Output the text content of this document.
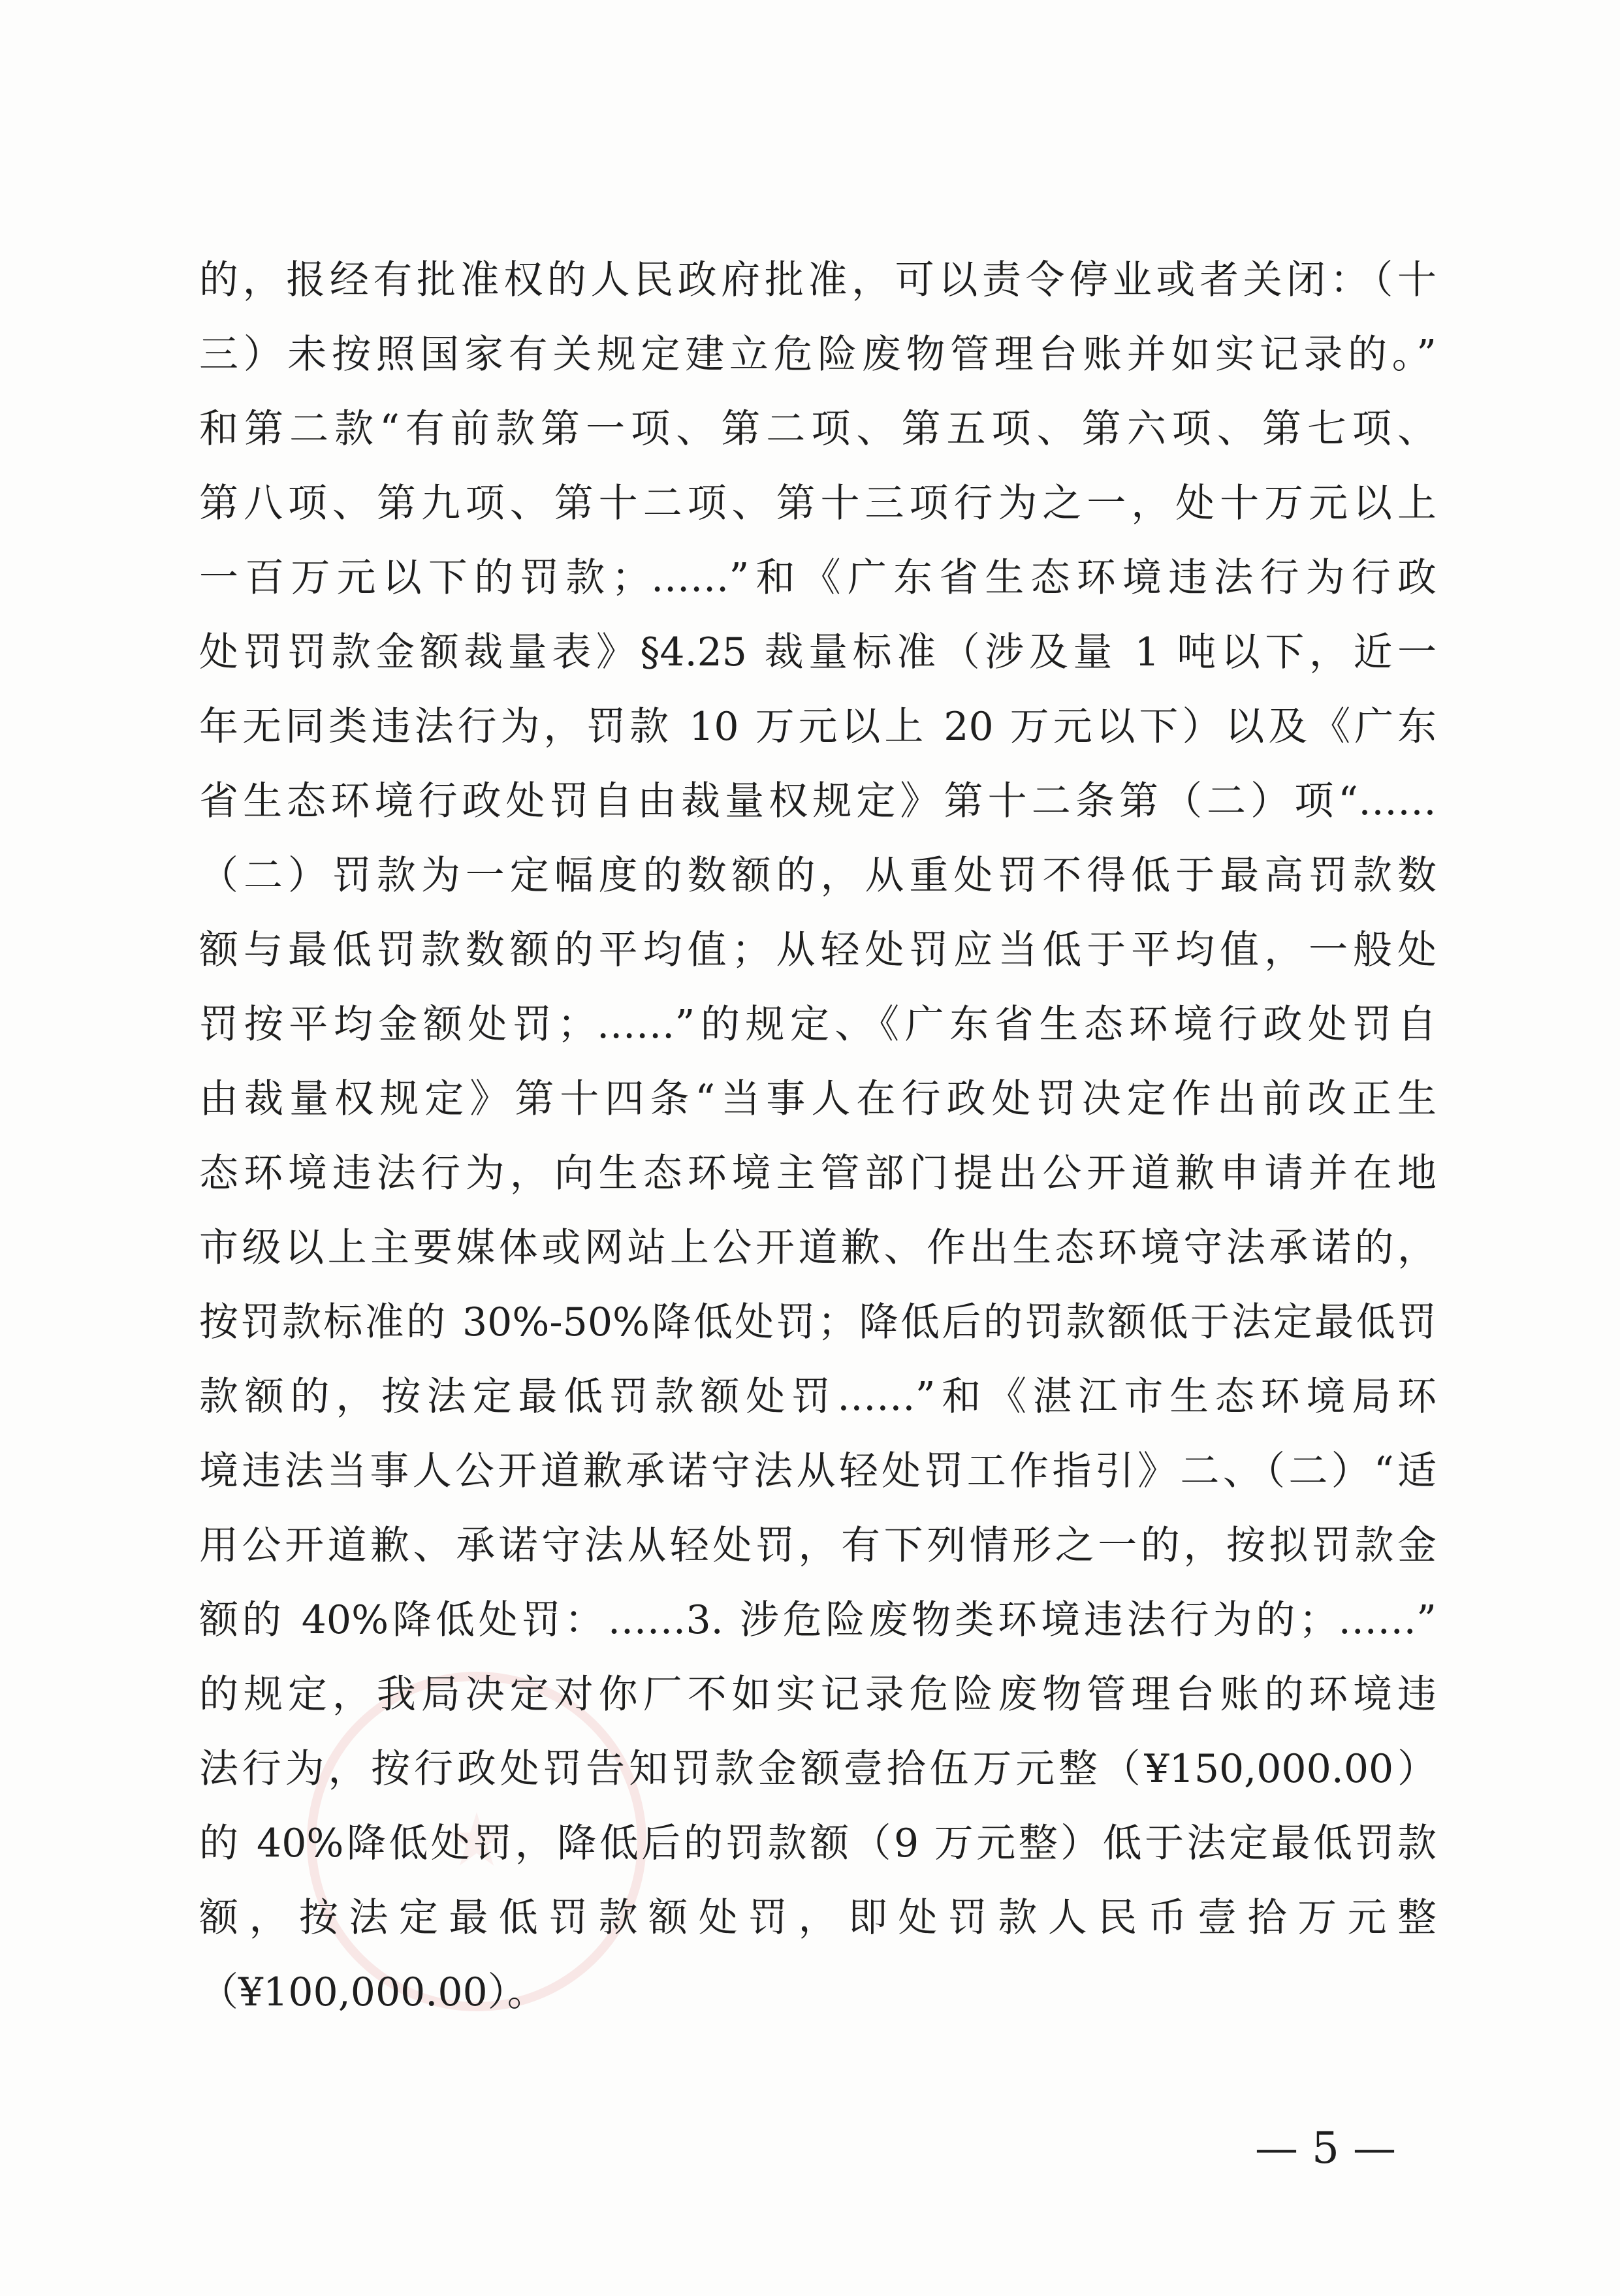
的，报经有批准权的人民政府批准，可以责令停业或者关闭：（十
三）未按照国家有关规定建立危险废物管理台账并如实记录的。”
和第二款“有前款第一项、第二项、第五项、第六项、第七项、
第八项、第九项、第十二项、第十三项行为之一，处十万元以上
一百万元以下的罚款；……”和《广东省生态环境违法行为行政
处罚罚款金额裁量表》§4.25 裁量标准（涉及量 1 吨以下，近一
年无同类违法行为，罚款 10 万元以上 20 万元以下）以及《广东
省生态环境行政处罚自由裁量权规定》第十二条第（二）项“……
（二）罚款为一定幅度的数额的，从重处罚不得低于最高罚款数
额与最低罚款数额的平均值；从轻处罚应当低于平均值，一般处
罚按平均金额处罚；……”的规定、《广东省生态环境行政处罚自
由裁量权规定》第十四条“当事人在行政处罚决定作出前改正生
态环境违法行为，向生态环境主管部门提出公开道歉申请并在地
市级以上主要媒体或网站上公开道歉、作出生态环境守法承诺的，
按罚款标准的 30%-50%降低处罚；降低后的罚款额低于法定最低罚
款额的，按法定最低罚款额处罚……”和《湛江市生态环境局环
境违法当事人公开道歉承诺守法从轻处罚工作指引》二、（二）“适
用公开道歉、承诺守法从轻处罚，有下列情形之一的，按拟罚款金
额的 40%降低处罚：……3. 涉危险废物类环境违法行为的；……”
的规定，我局决定对你厂不如实记录危险废物管理台账的环境违
法行为，按行政处罚告知罚款金额壹拾伍万元整（¥150,000.00）
的 40%降低处罚，降低后的罚款额（9 万元整）低于法定最低罚款
额，按法定最低罚款额处罚，即处罚款人民币壹拾万元整
（¥100,000.00）。
— 5 —
